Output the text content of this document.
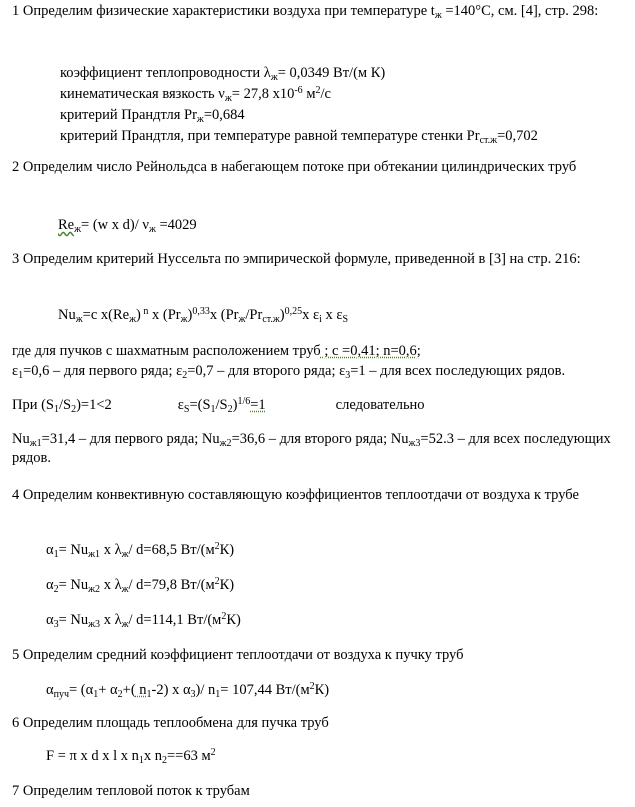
1 Определим физические характеристики воздуха при температуре $t_ж =140^\circ С$, см. [4], стр. 298:

коэффициент теплопроводности $\lambda_ж= 0,0349$ Вт/(м К)

кинематическая вязкость $\nu_ж= 27,8$ $х10^{-6}$ $м^2/с$

критерий Прандтля $Pr_ж=0,684$

критерий Прандтля, при температуре равной температуре стенки $Pr_{ст.ж}=0,702$

2 Определим число Рейнольдса в набегающем потоке при обтекании цилиндрических труб

$Re_ж= (w$ х d)/ $\nu_ж =4029$

3 Определим критерий Нуссельта по эмпирической формуле, приведенной в [3] на стр. 216:

$Nu_ж=c$ $х(Re_ж)$ $^n$ х $(Pr_ж)^{0,33}х$ $(Pr_ж/Pr_{ст.ж})^{0,25}х$ $\varepsilon_i$ х $\varepsilon_S$

где для пучков с шахматным расположением труб ; с =0,41; n=0,6;

$\varepsilon_1=0,6$ – для первого ряда; $\varepsilon_2=0,7$ – для второго ряда; $\varepsilon_3=1$ – для всех последующих рядов.

При $(S_1/S_2)=1<2$	$\varepsilon_S=(S_1/S_2)^{1/6}=1$	следовательно

$Nu_{ж1}=31,4$ – для первого ряда; $Nu_{ж2}=36,6$ – для второго ряда; $Nu_{ж3}=52.3$ – для всех последующих рядов.

4 Определим конвективную составляющую коэффициентов теплоотдачи от воздуха к трубе

$\alpha_1= Nu_{ж1}$ х $\lambda_ж/$ d=68,5 $Вт/(м^2К)$

$\alpha_2= Nu_{ж2}$ х $\lambda_ж/$ d=79,8 $Вт/(м^2К)$

$\alpha_3= Nu_{ж3}$ х $\lambda_ж/$ d=114,1 $Вт/(м^2К)$

5 Определим средний коэффициент теплоотдачи от воздуха к пучку труб

$\alpha_{пуч}= (\alpha_1+ \alpha_2+$( $n_1-2$) х $\alpha_3)/$ $n_1= 107,44$ $Вт/(м^2К)$

6 Определим площадь теплообмена для пучка труб

F = π х d х l х $n_1х$ $n_2==63$ $м^2$

7 Определим тепловой поток к трубам
